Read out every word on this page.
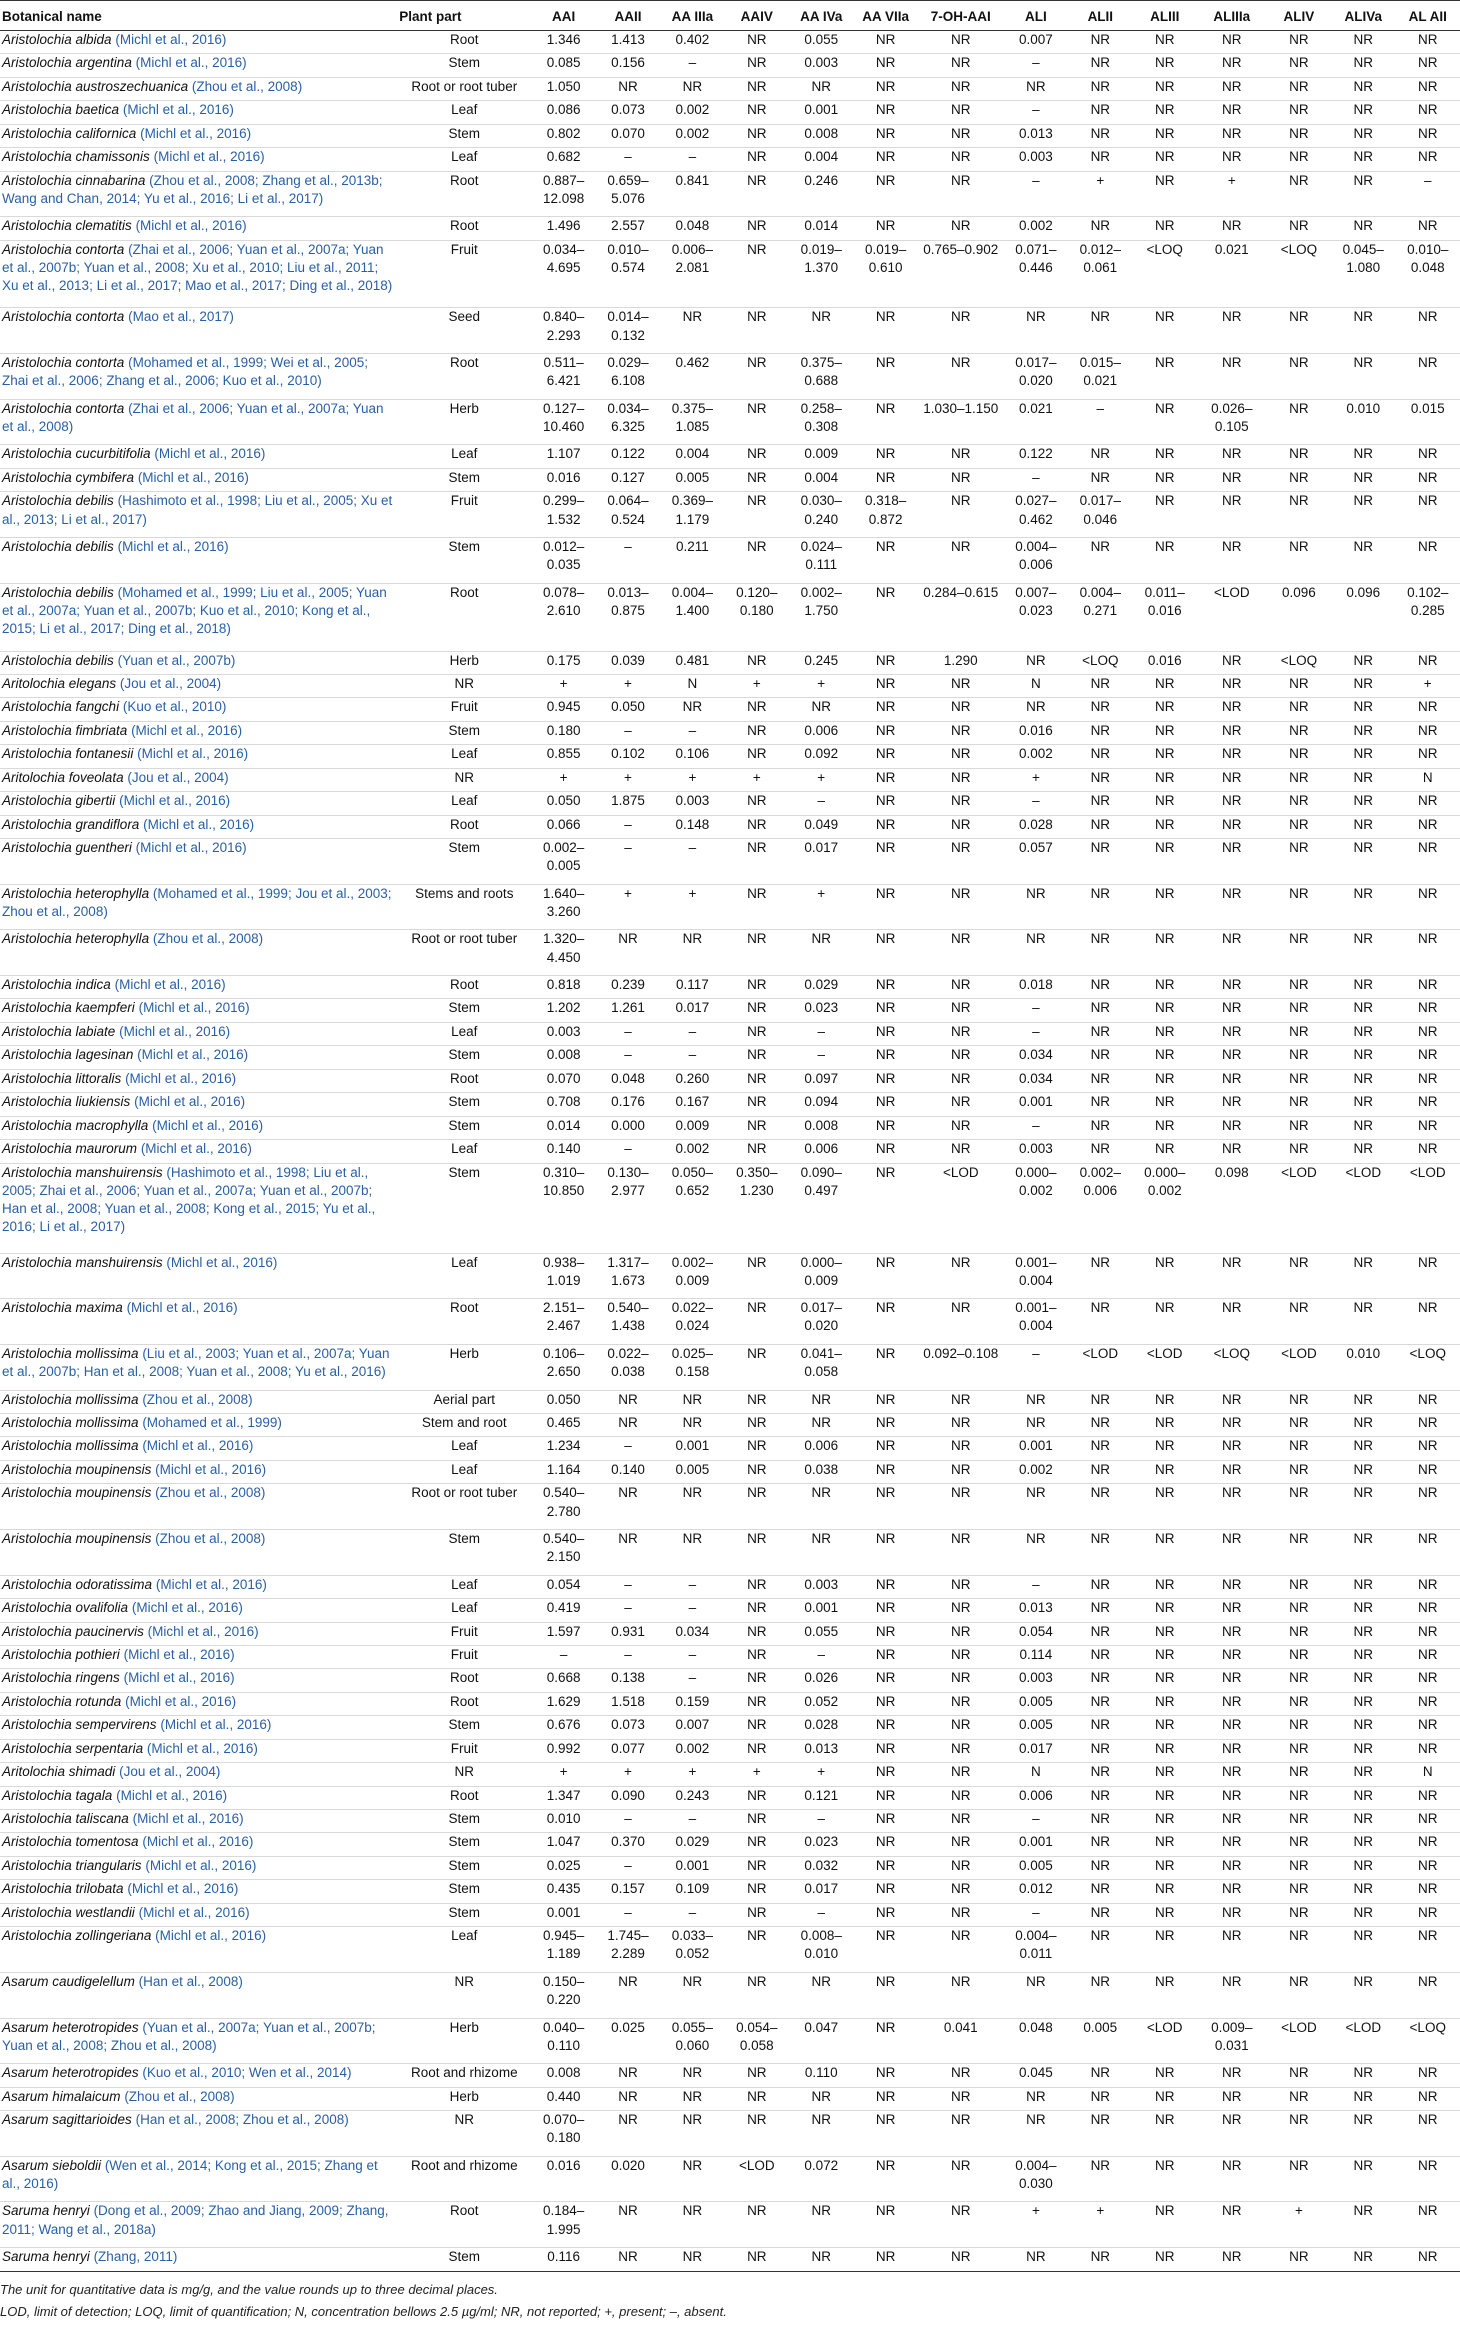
Botanical name	Plant part	AAI	AAII	AA IIIa	AAIV	AA IVa	AA VIIa	7-OH-AAI	ALI	ALII	ALIII	ALIIIa	ALIV	ALIVa	AL AII
Aristolochia albida (Michl et al., 2016)	Root	1.346	1.413	0.402	NR	0.055	NR	NR	0.007	NR	NR	NR	NR	NR	NR
Aristolochia argentina (Michl et al., 2016)	Stem	0.085	0.156	–	NR	0.003	NR	NR	–	NR	NR	NR	NR	NR	NR
Aristolochia austroszechuanica (Zhou et al., 2008)	Root or root tuber	1.050	NR	NR	NR	NR	NR	NR	NR	NR	NR	NR	NR	NR	NR
Aristolochia baetica (Michl et al., 2016)	Leaf	0.086	0.073	0.002	NR	0.001	NR	NR	–	NR	NR	NR	NR	NR	NR
Aristolochia californica (Michl et al., 2016)	Stem	0.802	0.070	0.002	NR	0.008	NR	NR	0.013	NR	NR	NR	NR	NR	NR
Aristolochia chamissonis (Michl et al., 2016)	Leaf	0.682	–	–	NR	0.004	NR	NR	0.003	NR	NR	NR	NR	NR	NR
Aristolochia cinnabarina (Zhou et al., 2008; Zhang et al., 2013b; Wang and Chan, 2014; Yu et al., 2016; Li et al., 2017)	Root	0.887–12.098	0.659–5.076	0.841	NR	0.246	NR	NR	–	+	NR	+	NR	NR	–
Aristolochia clematitis (Michl et al., 2016)	Root	1.496	2.557	0.048	NR	0.014	NR	NR	0.002	NR	NR	NR	NR	NR	NR
Aristolochia contorta (Zhai et al., 2006; Yuan et al., 2007a; Yuan et al., 2007b; Yuan et al., 2008; Xu et al., 2010; Liu et al., 2011; Xu et al., 2013; Li et al., 2017; Mao et al., 2017; Ding et al., 2018)	Fruit	0.034–4.695	0.010–0.574	0.006–2.081	NR	0.019–1.370	0.019–0.610	0.765–0.902	0.071–0.446	0.012–0.061	<LOQ	0.021	<LOQ	0.045–1.080	0.010–0.048
Aristolochia contorta (Mao et al., 2017)	Seed	0.840–2.293	0.014–0.132	NR	NR	NR	NR	NR	NR	NR	NR	NR	NR	NR	NR
Aristolochia contorta (Mohamed et al., 1999; Wei et al., 2005; Zhai et al., 2006; Zhang et al., 2006; Kuo et al., 2010)	Root	0.511–6.421	0.029–6.108	0.462	NR	0.375–0.688	NR	NR	0.017–0.020	0.015–0.021	NR	NR	NR	NR	NR
Aristolochia contorta (Zhai et al., 2006; Yuan et al., 2007a; Yuan et al., 2008)	Herb	0.127–10.460	0.034–6.325	0.375–1.085	NR	0.258–0.308	NR	1.030–1.150	0.021	–	NR	0.026–0.105	NR	0.010	0.015
Aristolochia cucurbitifolia (Michl et al., 2016)	Leaf	1.107	0.122	0.004	NR	0.009	NR	NR	0.122	NR	NR	NR	NR	NR	NR
Aristolochia cymbifera (Michl et al., 2016)	Stem	0.016	0.127	0.005	NR	0.004	NR	NR	–	NR	NR	NR	NR	NR	NR
Aristolochia debilis (Hashimoto et al., 1998; Liu et al., 2005; Xu et al., 2013; Li et al., 2017)	Fruit	0.299–1.532	0.064–0.524	0.369–1.179	NR	0.030–0.240	0.318–0.872	NR	0.027–0.462	0.017–0.046	NR	NR	NR	NR	NR
Aristolochia debilis (Michl et al., 2016)	Stem	0.012–0.035	–	0.211	NR	0.024–0.111	NR	NR	0.004–0.006	NR	NR	NR	NR	NR	NR
Aristolochia debilis (Mohamed et al., 1999; Liu et al., 2005; Yuan et al., 2007a; Yuan et al., 2007b; Kuo et al., 2010; Kong et al., 2015; Li et al., 2017; Ding et al., 2018)	Root	0.078–2.610	0.013–0.875	0.004–1.400	0.120–0.180	0.002–1.750	NR	0.284–0.615	0.007–0.023	0.004–0.271	0.011–0.016	<LOD	0.096	0.096	0.102–0.285
Aristolochia debilis (Yuan et al., 2007b)	Herb	0.175	0.039	0.481	NR	0.245	NR	1.290	NR	<LOQ	0.016	NR	<LOQ	NR	NR
Aritolochia elegans (Jou et al., 2004)	NR	+	+	N	+	+	NR	NR	N	NR	NR	NR	NR	NR	+
Aristolochia fangchi (Kuo et al., 2010)	Fruit	0.945	0.050	NR	NR	NR	NR	NR	NR	NR	NR	NR	NR	NR	NR
Aristolochia fimbriata (Michl et al., 2016)	Stem	0.180	–	–	NR	0.006	NR	NR	0.016	NR	NR	NR	NR	NR	NR
Aristolochia fontanesii (Michl et al., 2016)	Leaf	0.855	0.102	0.106	NR	0.092	NR	NR	0.002	NR	NR	NR	NR	NR	NR
Aritolochia foveolata (Jou et al., 2004)	NR	+	+	+	+	+	NR	NR	+	NR	NR	NR	NR	NR	N
Aristolochia gibertii (Michl et al., 2016)	Leaf	0.050	1.875	0.003	NR	–	NR	NR	–	NR	NR	NR	NR	NR	NR
Aristolochia grandiflora (Michl et al., 2016)	Root	0.066	–	0.148	NR	0.049	NR	NR	0.028	NR	NR	NR	NR	NR	NR
Aristolochia guentheri (Michl et al., 2016)	Stem	0.002–0.005	–	–	NR	0.017	NR	NR	0.057	NR	NR	NR	NR	NR	NR
Aristolochia heterophylla (Mohamed et al., 1999; Jou et al., 2003; Zhou et al., 2008)	Stems and roots	1.640–3.260	+	+	NR	+	NR	NR	NR	NR	NR	NR	NR	NR	NR
Aristolochia heterophylla (Zhou et al., 2008)	Root or root tuber	1.320–4.450	NR	NR	NR	NR	NR	NR	NR	NR	NR	NR	NR	NR	NR
Aristolochia indica (Michl et al., 2016)	Root	0.818	0.239	0.117	NR	0.029	NR	NR	0.018	NR	NR	NR	NR	NR	NR
Aristolochia kaempferi (Michl et al., 2016)	Stem	1.202	1.261	0.017	NR	0.023	NR	NR	–	NR	NR	NR	NR	NR	NR
Aristolochia labiate (Michl et al., 2016)	Leaf	0.003	–	–	NR	–	NR	NR	–	NR	NR	NR	NR	NR	NR
Aristolochia lagesinan (Michl et al., 2016)	Stem	0.008	–	–	NR	–	NR	NR	0.034	NR	NR	NR	NR	NR	NR
Aristolochia littoralis (Michl et al., 2016)	Root	0.070	0.048	0.260	NR	0.097	NR	NR	0.034	NR	NR	NR	NR	NR	NR
Aristolochia liukiensis (Michl et al., 2016)	Stem	0.708	0.176	0.167	NR	0.094	NR	NR	0.001	NR	NR	NR	NR	NR	NR
Aristolochia macrophylla (Michl et al., 2016)	Stem	0.014	0.000	0.009	NR	0.008	NR	NR	–	NR	NR	NR	NR	NR	NR
Aristolochia maurorum (Michl et al., 2016)	Leaf	0.140	–	0.002	NR	0.006	NR	NR	0.003	NR	NR	NR	NR	NR	NR
Aristolochia manshuirensis (Hashimoto et al., 1998; Liu et al., 2005; Zhai et al., 2006; Yuan et al., 2007a; Yuan et al., 2007b; Han et al., 2008; Yuan et al., 2008; Kong et al., 2015; Yu et al., 2016; Li et al., 2017)	Stem	0.310–10.850	0.130–2.977	0.050–0.652	0.350–1.230	0.090–0.497	NR	<LOD	0.000–0.002	0.002–0.006	0.000–0.002	0.098	<LOD	<LOD	<LOD
Aristolochia manshuirensis (Michl et al., 2016)	Leaf	0.938–1.019	1.317–1.673	0.002–0.009	NR	0.000–0.009	NR	NR	0.001–0.004	NR	NR	NR	NR	NR	NR
Aristolochia maxima (Michl et al., 2016)	Root	2.151–2.467	0.540–1.438	0.022–0.024	NR	0.017–0.020	NR	NR	0.001–0.004	NR	NR	NR	NR	NR	NR
Aristolochia mollissima (Liu et al., 2003; Yuan et al., 2007a; Yuan et al., 2007b; Han et al., 2008; Yuan et al., 2008; Yu et al., 2016)	Herb	0.106–2.650	0.022–0.038	0.025–0.158	NR	0.041–0.058	NR	0.092–0.108	–	<LOD	<LOD	<LOQ	<LOD	0.010	<LOQ
Aristolochia mollissima (Zhou et al., 2008)	Aerial part	0.050	NR	NR	NR	NR	NR	NR	NR	NR	NR	NR	NR	NR	NR
Aristolochia mollissima (Mohamed et al., 1999)	Stem and root	0.465	NR	NR	NR	NR	NR	NR	NR	NR	NR	NR	NR	NR	NR
Aristolochia mollissima (Michl et al., 2016)	Leaf	1.234	–	0.001	NR	0.006	NR	NR	0.001	NR	NR	NR	NR	NR	NR
Aristolochia moupinensis (Michl et al., 2016)	Leaf	1.164	0.140	0.005	NR	0.038	NR	NR	0.002	NR	NR	NR	NR	NR	NR
Aristolochia moupinensis (Zhou et al., 2008)	Root or root tuber	0.540–2.780	NR	NR	NR	NR	NR	NR	NR	NR	NR	NR	NR	NR	NR
Aristolochia moupinensis (Zhou et al., 2008)	Stem	0.540–2.150	NR	NR	NR	NR	NR	NR	NR	NR	NR	NR	NR	NR	NR
Aristolochia odoratissima (Michl et al., 2016)	Leaf	0.054	–	–	NR	0.003	NR	NR	–	NR	NR	NR	NR	NR	NR
Aristolochia ovalifolia (Michl et al., 2016)	Leaf	0.419	–	–	NR	0.001	NR	NR	0.013	NR	NR	NR	NR	NR	NR
Aristolochia paucinervis (Michl et al., 2016)	Fruit	1.597	0.931	0.034	NR	0.055	NR	NR	0.054	NR	NR	NR	NR	NR	NR
Aristolochia pothieri (Michl et al., 2016)	Fruit	–	–	–	NR	–	NR	NR	0.114	NR	NR	NR	NR	NR	NR
Aristolochia ringens (Michl et al., 2016)	Root	0.668	0.138	–	NR	0.026	NR	NR	0.003	NR	NR	NR	NR	NR	NR
Aristolochia rotunda (Michl et al., 2016)	Root	1.629	1.518	0.159	NR	0.052	NR	NR	0.005	NR	NR	NR	NR	NR	NR
Aristolochia sempervirens (Michl et al., 2016)	Stem	0.676	0.073	0.007	NR	0.028	NR	NR	0.005	NR	NR	NR	NR	NR	NR
Aristolochia serpentaria (Michl et al., 2016)	Fruit	0.992	0.077	0.002	NR	0.013	NR	NR	0.017	NR	NR	NR	NR	NR	NR
Aritolochia shimadi (Jou et al., 2004)	NR	+	+	+	+	+	NR	NR	N	NR	NR	NR	NR	NR	N
Aristolochia tagala (Michl et al., 2016)	Root	1.347	0.090	0.243	NR	0.121	NR	NR	0.006	NR	NR	NR	NR	NR	NR
Aristolochia taliscana (Michl et al., 2016)	Stem	0.010	–	–	NR	–	NR	NR	–	NR	NR	NR	NR	NR	NR
Aristolochia tomentosa (Michl et al., 2016)	Stem	1.047	0.370	0.029	NR	0.023	NR	NR	0.001	NR	NR	NR	NR	NR	NR
Aristolochia triangularis (Michl et al., 2016)	Stem	0.025	–	0.001	NR	0.032	NR	NR	0.005	NR	NR	NR	NR	NR	NR
Aristolochia trilobata (Michl et al., 2016)	Stem	0.435	0.157	0.109	NR	0.017	NR	NR	0.012	NR	NR	NR	NR	NR	NR
Aristolochia westlandii (Michl et al., 2016)	Stem	0.001	–	–	NR	–	NR	NR	–	NR	NR	NR	NR	NR	NR
Aristolochia zollingeriana (Michl et al., 2016)	Leaf	0.945–1.189	1.745–2.289	0.033–0.052	NR	0.008–0.010	NR	NR	0.004–0.011	NR	NR	NR	NR	NR	NR
Asarum caudigelellum (Han et al., 2008)	NR	0.150–0.220	NR	NR	NR	NR	NR	NR	NR	NR	NR	NR	NR	NR	NR
Asarum heterotropides (Yuan et al., 2007a; Yuan et al., 2007b; Yuan et al., 2008; Zhou et al., 2008)	Herb	0.040–0.110	0.025	0.055–0.060	0.054–0.058	0.047	NR	0.041	0.048	0.005	<LOD	0.009–0.031	<LOD	<LOD	<LOQ
Asarum heterotropides (Kuo et al., 2010; Wen et al., 2014)	Root and rhizome	0.008	NR	NR	NR	0.110	NR	NR	0.045	NR	NR	NR	NR	NR	NR
Asarum himalaicum (Zhou et al., 2008)	Herb	0.440	NR	NR	NR	NR	NR	NR	NR	NR	NR	NR	NR	NR	NR
Asarum sagittarioides (Han et al., 2008; Zhou et al., 2008)	NR	0.070–0.180	NR	NR	NR	NR	NR	NR	NR	NR	NR	NR	NR	NR	NR
Asarum sieboldii (Wen et al., 2014; Kong et al., 2015; Zhang et al., 2016)	Root and rhizome	0.016	0.020	NR	<LOD	0.072	NR	NR	0.004–0.030	NR	NR	NR	NR	NR	NR
Saruma henryi (Dong et al., 2009; Zhao and Jiang, 2009; Zhang, 2011; Wang et al., 2018a)	Root	0.184–1.995	NR	NR	NR	NR	NR	NR	+	+	NR	NR	+	NR	NR
Saruma henryi (Zhang, 2011)	Stem	0.116	NR	NR	NR	NR	NR	NR	NR	NR	NR	NR	NR	NR	NR
The unit for quantitative data is mg/g, and the value rounds up to three decimal places.
LOD, limit of detection; LOQ, limit of quantification; N, concentration bellows 2.5 µg/ml; NR, not reported; +, present; –, absent.
